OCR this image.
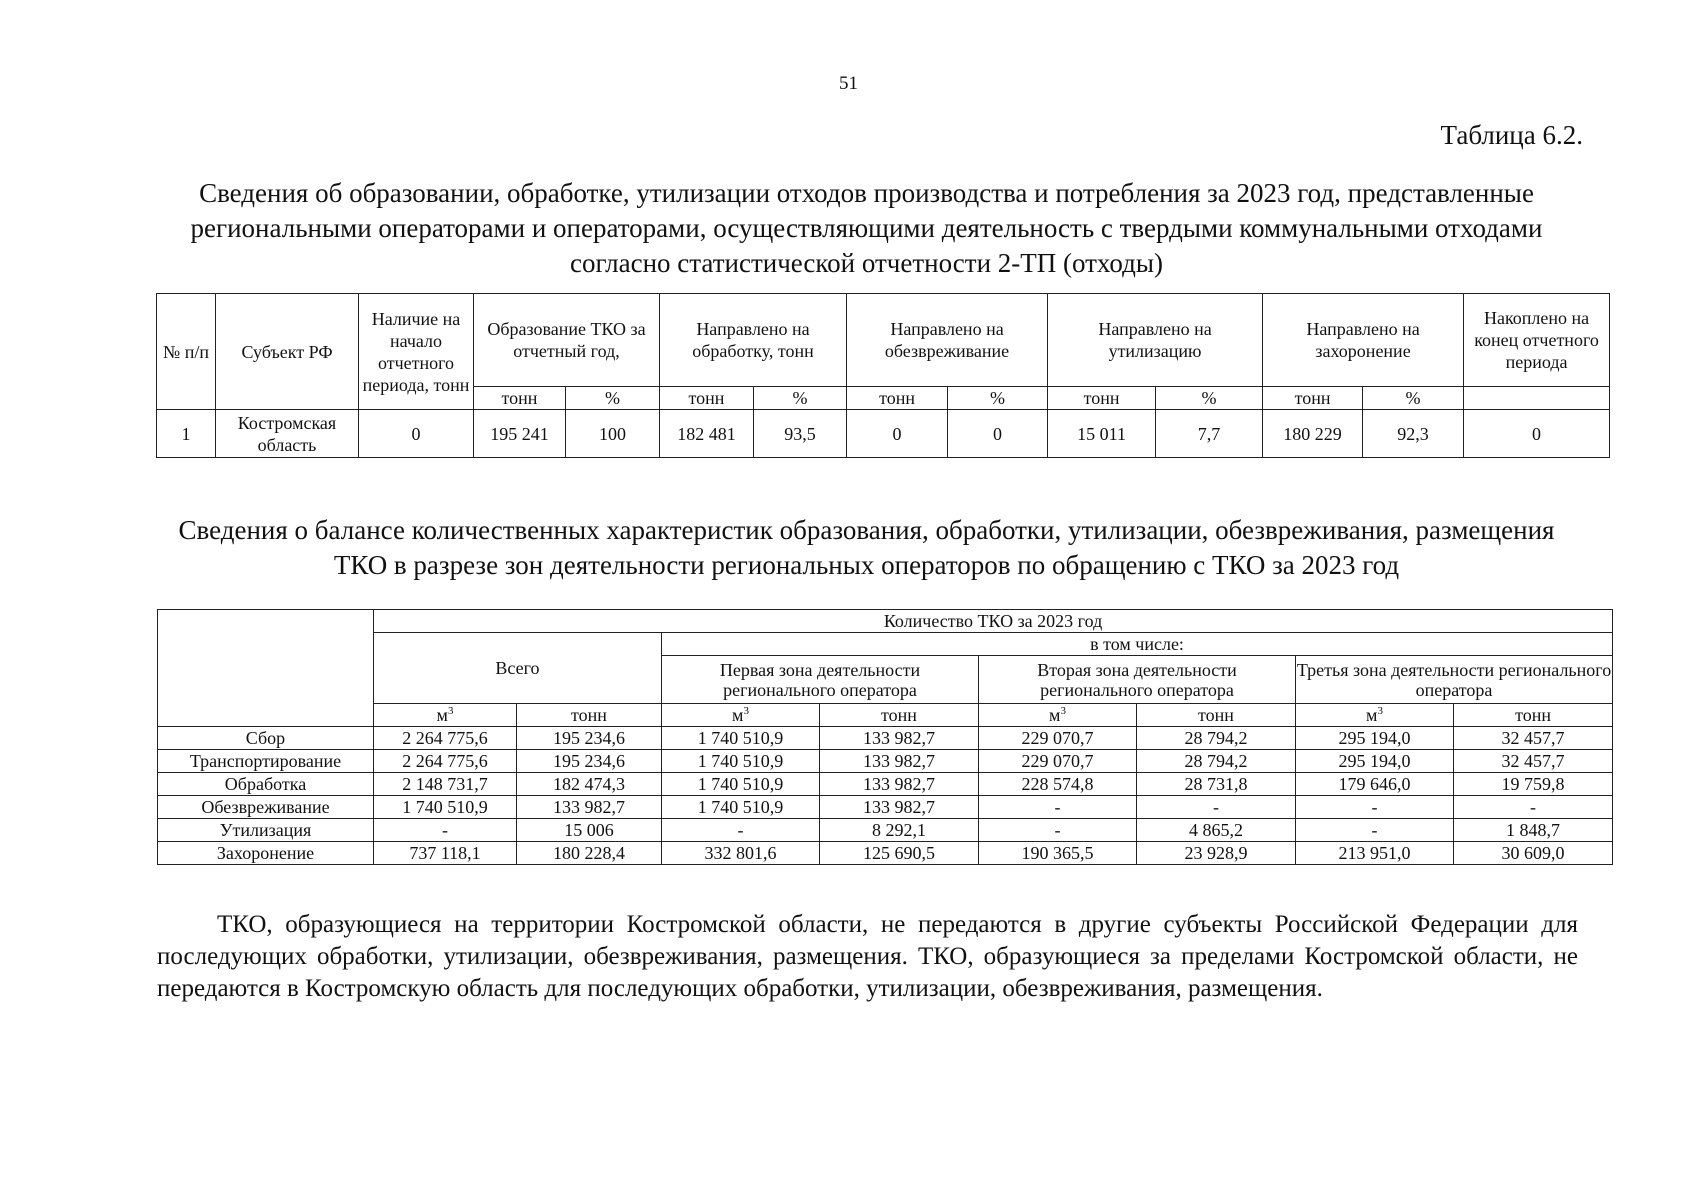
51
Таблица 6.2.
Сведения об образовании, обработке, утилизации отходов производства и потребления за 2023 год, представленные региональными операторами и операторами, осуществляющими деятельность с твердыми коммунальными отходами согласно статистической отчетности 2-ТП (отходы)
№ п/п	Субъект РФ	Наличие на начало отчетного периода, тонн	Образование ТКО за отчетный год,		Направлено на обработку, тонн		Направлено на обезвреживание		Направлено на утилизацию		Направлено на захоронение		Накоплено на конец отчетного периода
			тонн	%	тонн	%	тонн	%	тонн	%	тонн	%	
1	Костромская область	0	195 241	100	182 481	93,5	0	0	15 011	7,7	180 229	92,3	0
Сведения о балансе количественных характеристик образования, обработки, утилизации, обезвреживания, размещения ТКО в разрезе зон деятельности региональных операторов по обращению с ТКО за 2023 год
	Количество ТКО за 2023 год							
	Всего		в том числе:					
			Первая зона деятельности регионального оператора		Вторая зона деятельности регионального оператора		Третья зона деятельности регионального оператора	
	$м^3$	тонн	$м^3$	тонн	$м^3$	тонн	$м^3$	тонн
Сбор	2 264 775,6	195 234,6	1 740 510,9	133 982,7	229 070,7	28 794,2	295 194,0	32 457,7
Транспортирование	2 264 775,6	195 234,6	1 740 510,9	133 982,7	229 070,7	28 794,2	295 194,0	32 457,7
Обработка	2 148 731,7	182 474,3	1 740 510,9	133 982,7	228 574,8	28 731,8	179 646,0	19 759,8
Обезвреживание	1 740 510,9	133 982,7	1 740 510,9	133 982,7	-	-	-	-
Утилизация	-	15 006	-	8 292,1	-	4 865,2	-	1 848,7
Захоронение	737 118,1	180 228,4	332 801,6	125 690,5	190 365,5	23 928,9	213 951,0	30 609,0

ТКО, образующиеся на территории Костромской области, не передаются в другие субъекты Российской Федерации для последующих обработки, утилизации, обезвреживания, размещения. ТКО, образующиеся за пределами Костромской области, не передаются в Костромскую область для последующих обработки, утилизации, обезвреживания, размещения.
